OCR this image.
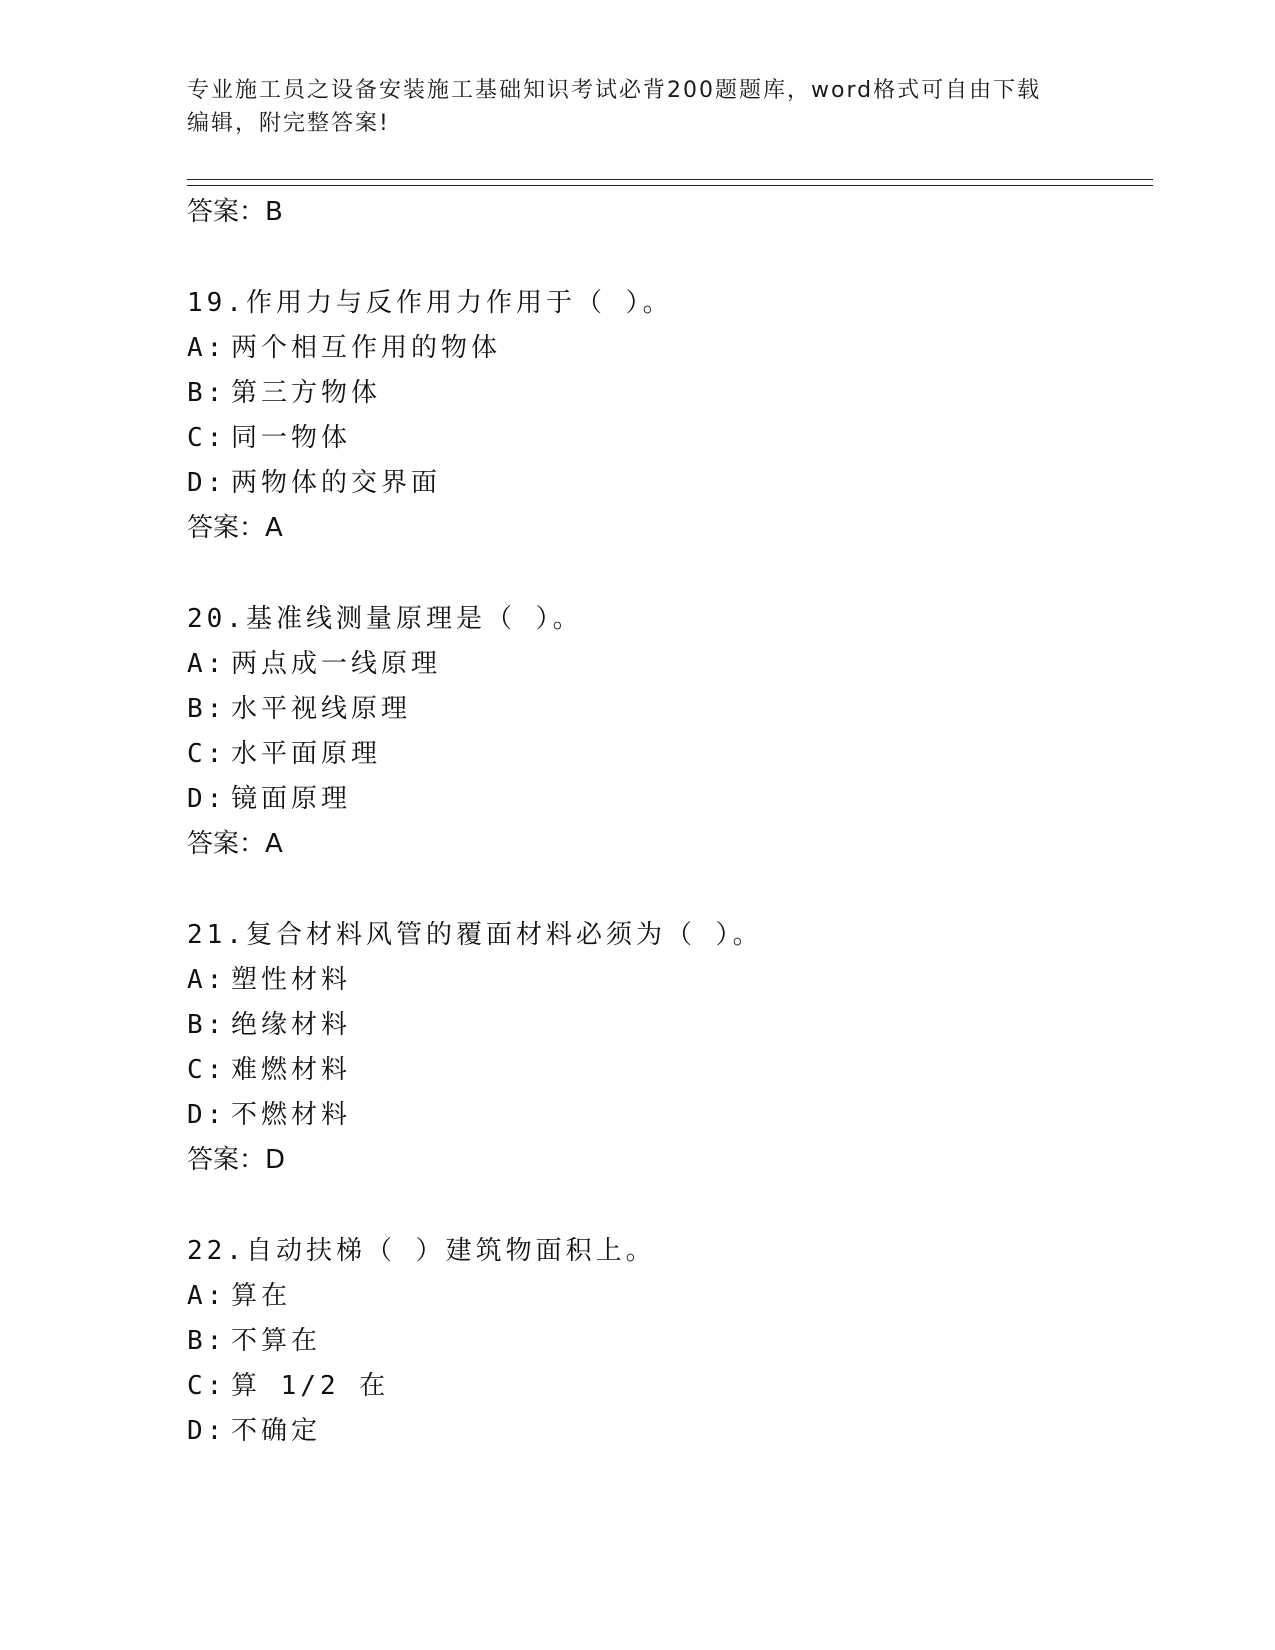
专业施工员之设备安装施工基础知识考试必背200题题库，word格式可自由下载
编辑，附完整答案!
答案：B
19.作用力与反作用力作用于（ ）。
A: 两个相互作用的物体
B: 第三方物体
C: 同一物体
D: 两物体的交界面
答案：A
20.基准线测量原理是（ ）。
A: 两点成一线原理
B: 水平视线原理
C: 水平面原理
D: 镜面原理
答案：A
21.复合材料风管的覆面材料必须为（ ）。
A: 塑性材料
B: 绝缘材料
C: 难燃材料
D: 不燃材料
答案：D
22.自动扶梯（ ）建筑物面积上。
A: 算在
B: 不算在
C: 算 1/2 在
D: 不确定
